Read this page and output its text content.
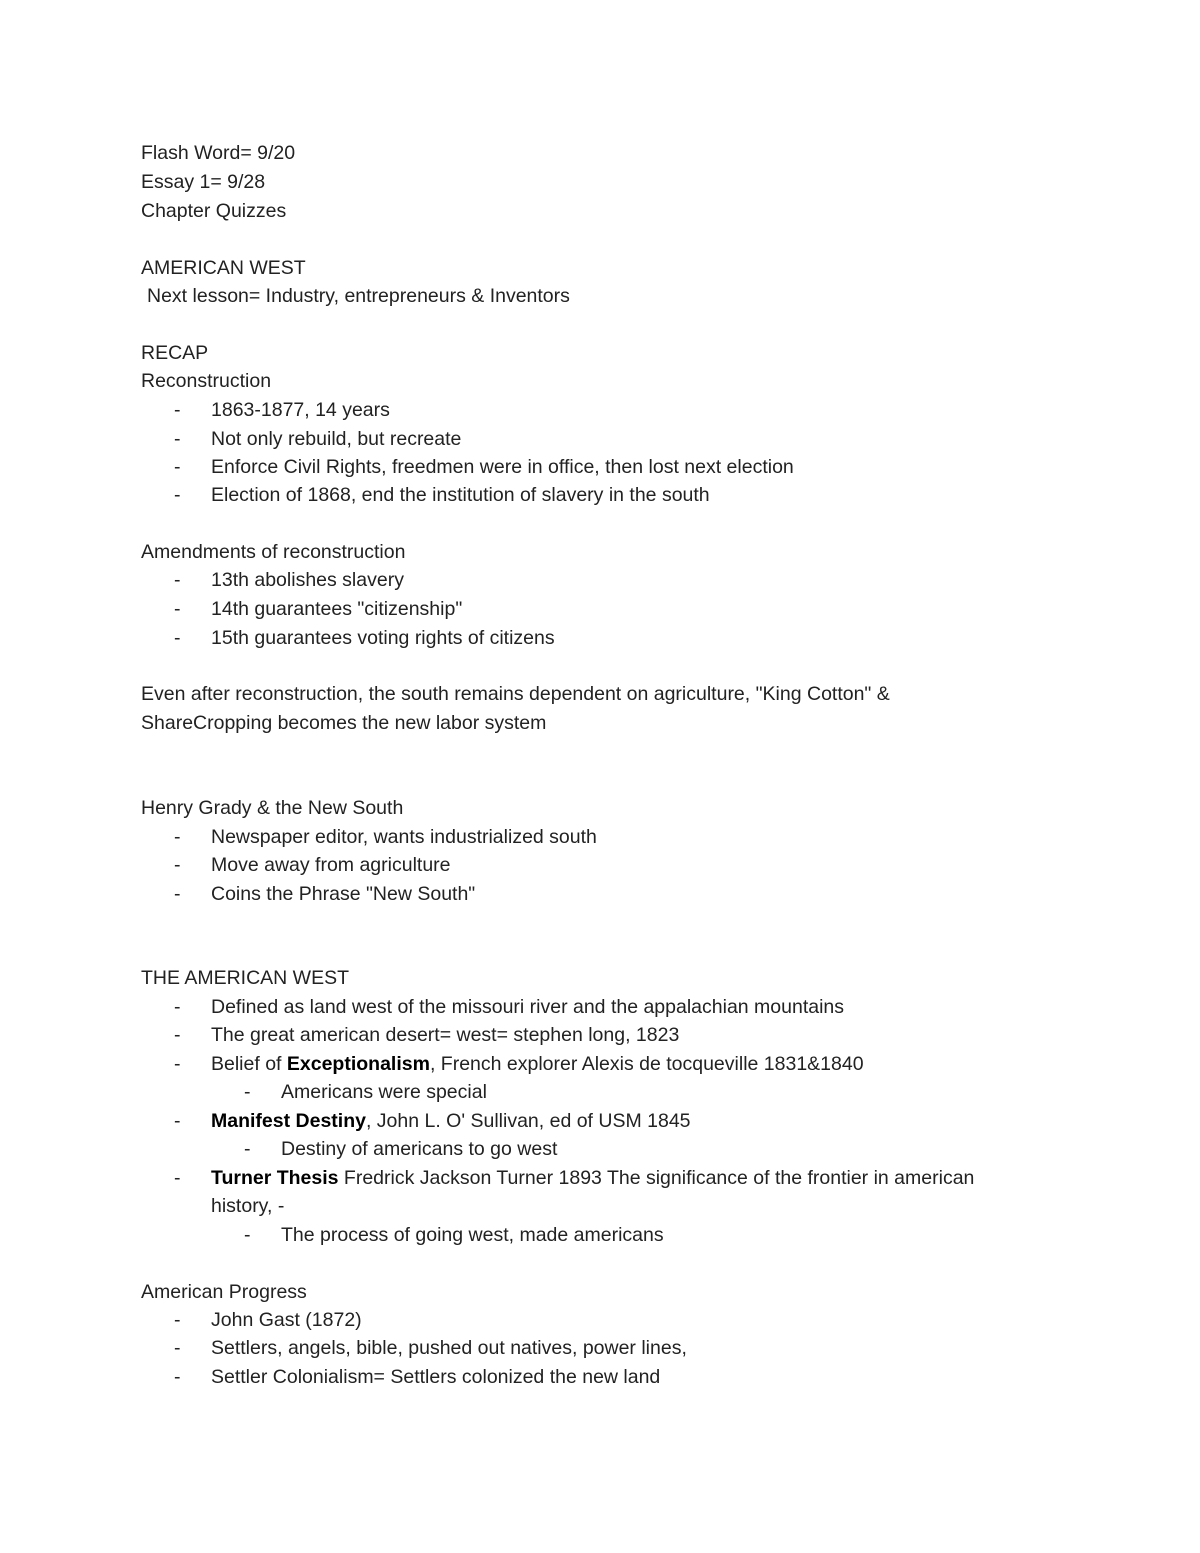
Flash Word= 9/20
Essay 1= 9/28
Chapter Quizzes
AMERICAN WEST
Next lesson= Industry, entrepreneurs & Inventors
RECAP
Reconstruction
- 1863-1877, 14 years
- Not only rebuild, but recreate
- Enforce Civil Rights, freedmen were in office, then lost next election
- Election of 1868, end the institution of slavery in the south
Amendments of reconstruction
- 13th abolishes slavery
- 14th guarantees "citizenship"
- 15th guarantees voting rights of citizens
Even after reconstruction, the south remains dependent on agriculture, "King Cotton" &
ShareCropping becomes the new labor system
Henry Grady & the New South
- Newspaper editor, wants industrialized south
- Move away from agriculture
- Coins the Phrase "New South"
THE AMERICAN WEST
- Defined as land west of the missouri river and the appalachian mountains
- The great american desert= west= stephen long, 1823
- Belief of Exceptionalism, French explorer Alexis de tocqueville 1831&1840
- Americans were special
- Manifest Destiny, John L. O' Sullivan, ed of USM 1845
- Destiny of americans to go west
- Turner Thesis Fredrick Jackson Turner 1893 The significance of the frontier in american
history, -
- The process of going west, made americans
American Progress
- John Gast (1872)
- Settlers, angels, bible, pushed out natives, power lines,
- Settler Colonialism= Settlers colonized the new land
